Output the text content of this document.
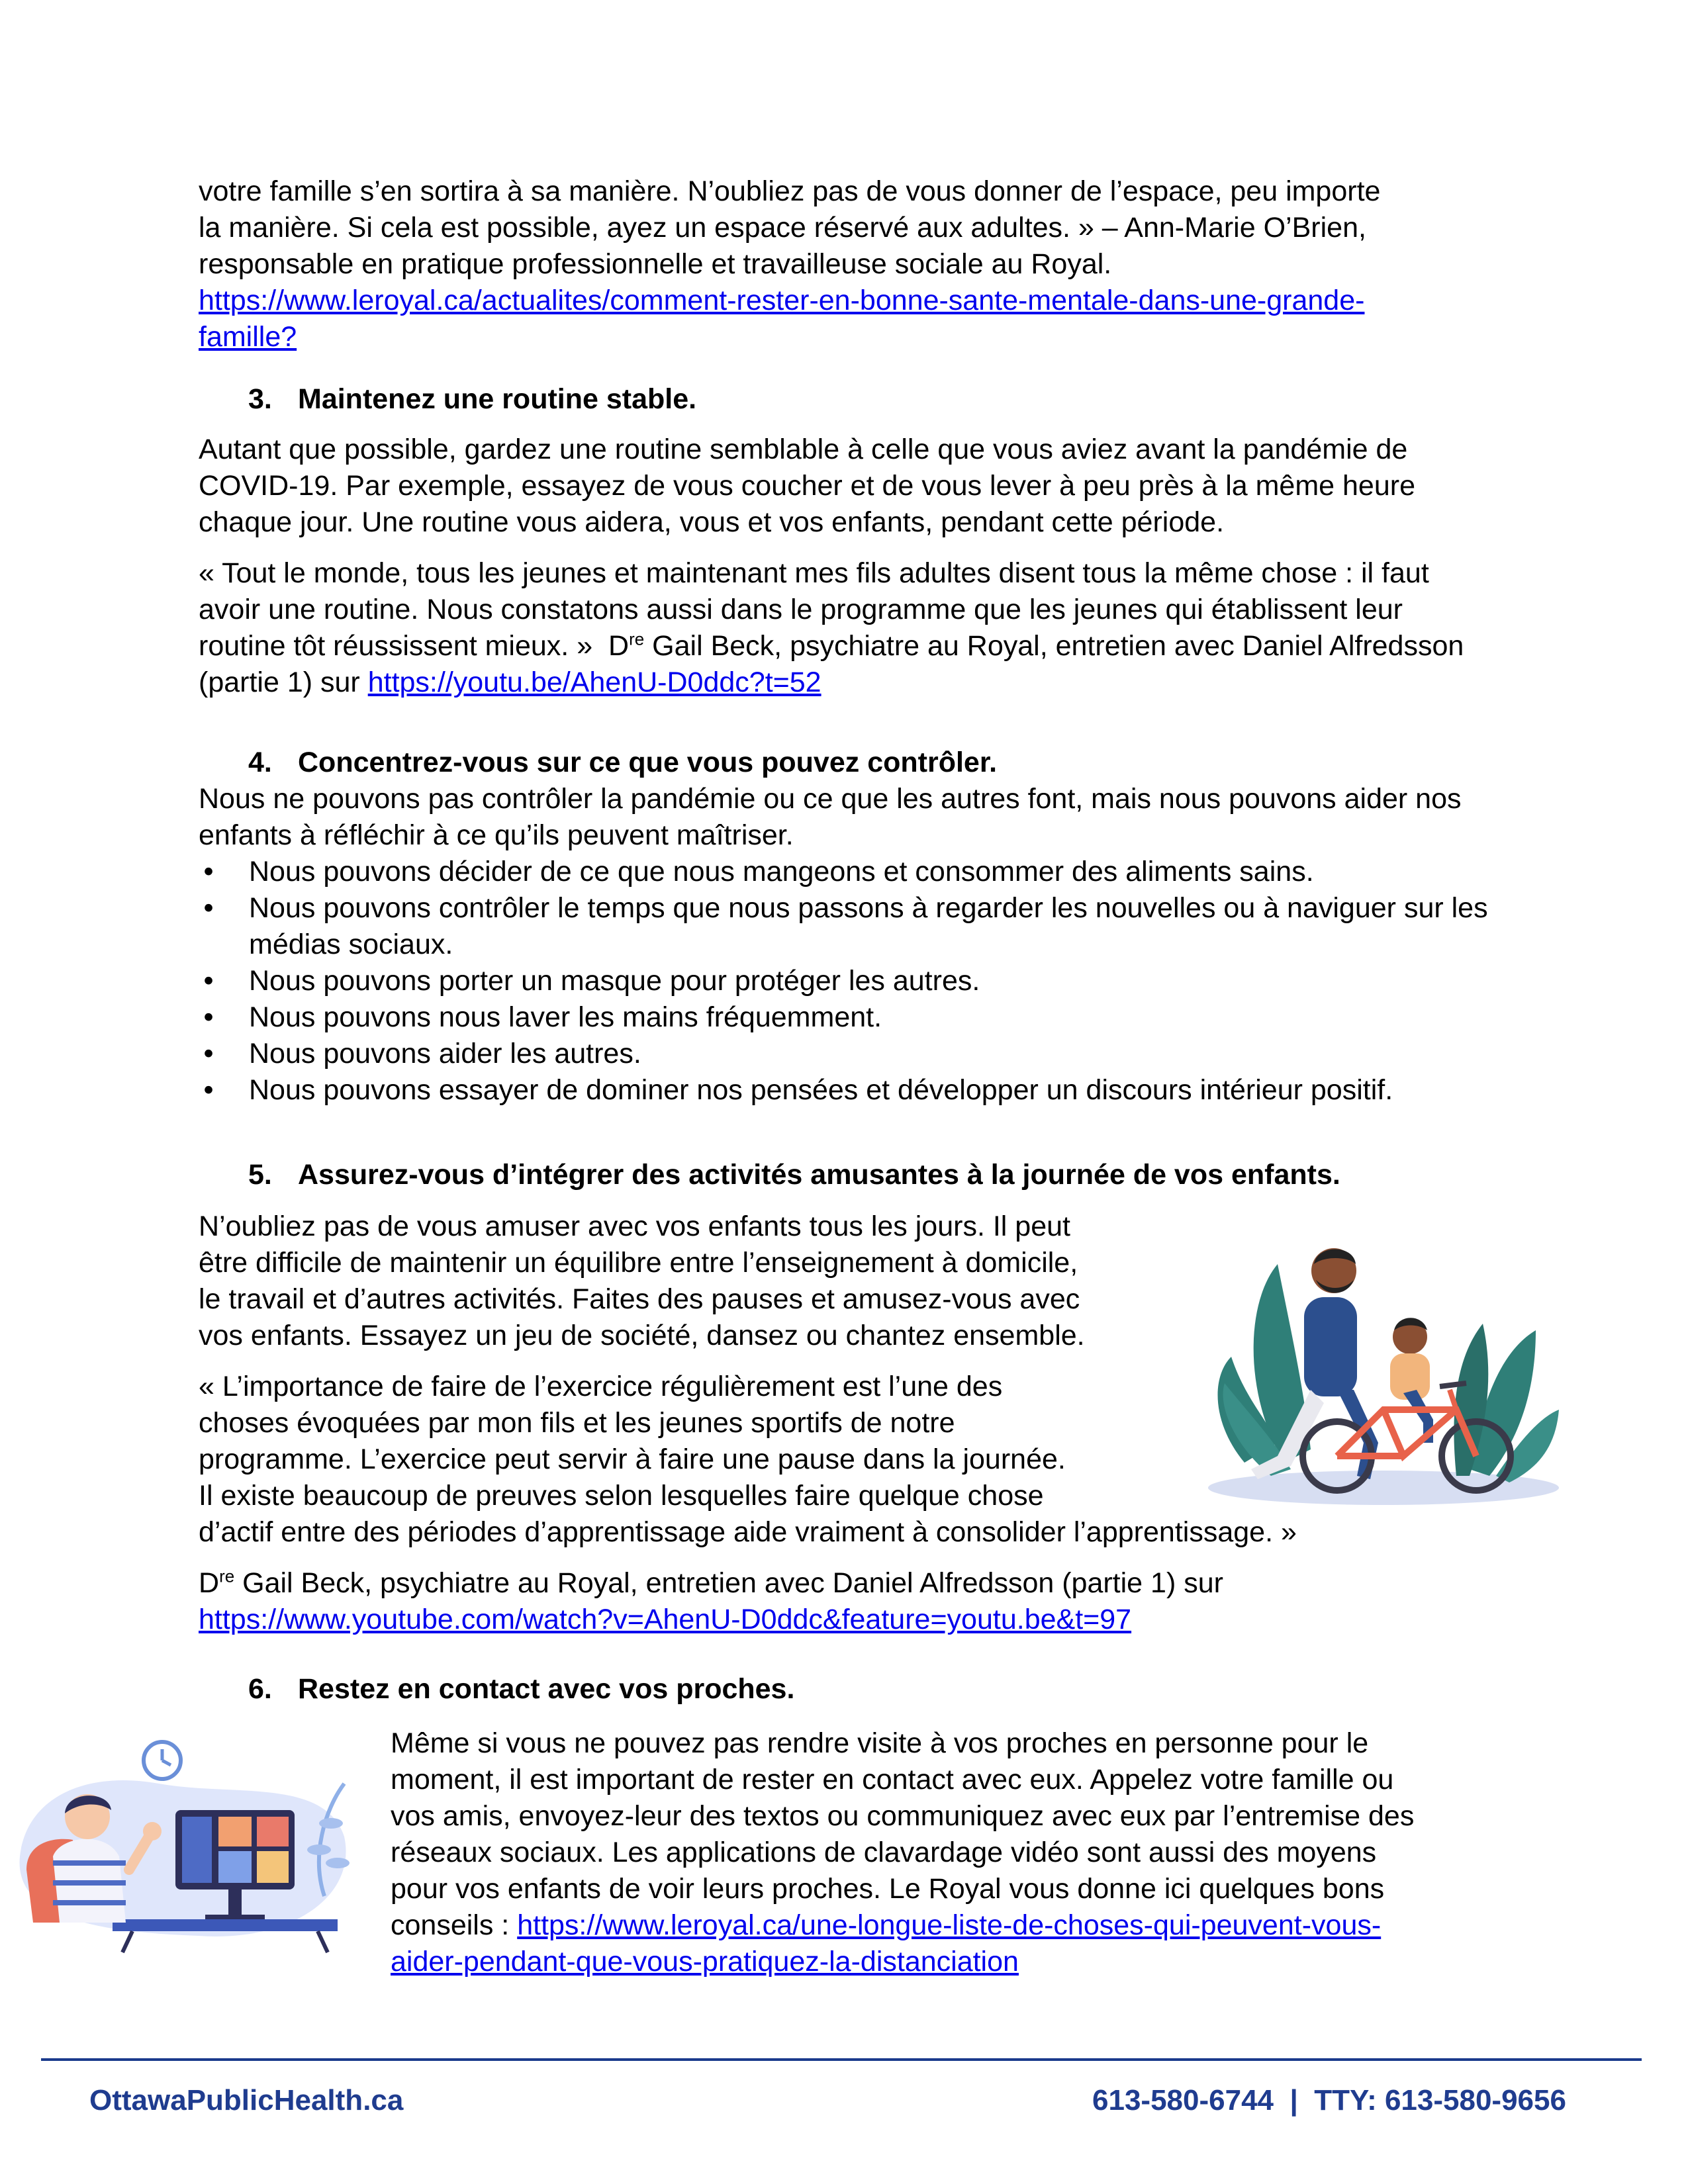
votre famille s’en sortira à sa manière. N’oubliez pas de vous donner de l’espace, peu importe

la manière. Si cela est possible, ayez un espace réservé aux adultes. » – Ann-Marie O’Brien,

responsable en pratique professionnelle et travailleuse sociale au Royal.

https://www.leroyal.ca/actualites/comment-rester-en-bonne-sante-mentale-dans-une-grande-

famille?

3. Maintenez une routine stable.

Autant que possible, gardez une routine semblable à celle que vous aviez avant la pandémie de COVID-19. Par exemple, essayez de vous coucher et de vous lever à peu près à la même heure chaque jour. Une routine vous aidera, vous et vos enfants, pendant cette période.

« Tout le monde, tous les jeunes et maintenant mes fils adultes disent tous la même chose : il faut avoir une routine. Nous constatons aussi dans le programme que les jeunes qui établissent leur routine tôt réussissent mieux. » Dre Gail Beck, psychiatre au Royal, entretien avec Daniel Alfredsson (partie 1) sur https://youtu.be/AhenU-D0ddc?t=52

4. Concentrez-vous sur ce que vous pouvez contrôler.

Nous ne pouvons pas contrôler la pandémie ou ce que les autres font, mais nous pouvons aider nos enfants à réfléchir à ce qu’ils peuvent maîtriser.

• Nous pouvons décider de ce que nous mangeons et consommer des aliments sains.
• Nous pouvons contrôler le temps que nous passons à regarder les nouvelles ou à naviguer sur les médias sociaux.
• Nous pouvons porter un masque pour protéger les autres.
• Nous pouvons nous laver les mains fréquemment.
• Nous pouvons aider les autres.
• Nous pouvons essayer de dominer nos pensées et développer un discours intérieur positif.
5. Assurez-vous d’intégrer des activités amusantes à la journée de vos enfants.

N’oubliez pas de vous amuser avec vos enfants tous les jours. Il peut

être difficile de maintenir un équilibre entre l’enseignement à domicile,

le travail et d’autres activités. Faites des pauses et amusez-vous avec

vos enfants. Essayez un jeu de société, dansez ou chantez ensemble.

« L’importance de faire de l’exercice régulièrement est l’une des

choses évoquées par mon fils et les jeunes sportifs de notre

programme. L’exercice peut servir à faire une pause dans la journée.

Il existe beaucoup de preuves selon lesquelles faire quelque chose

d’actif entre des périodes d’apprentissage aide vraiment à consolider l’apprentissage. »

Dre Gail Beck, psychiatre au Royal, entretien avec Daniel Alfredsson (partie 1) sur

https://www.youtube.com/watch?v=AhenU-D0ddc&feature=youtu.be&t=97

6. Restez en contact avec vos proches.

Même si vous ne pouvez pas rendre visite à vos proches en personne pour le

moment, il est important de rester en contact avec eux. Appelez votre famille ou

vos amis, envoyez-leur des textos ou communiquez avec eux par l’entremise des

réseaux sociaux. Les applications de clavardage vidéo sont aussi des moyens

pour vos enfants de voir leurs proches. Le Royal vous donne ici quelques bons

conseils : https://www.leroyal.ca/une-longue-liste-de-choses-qui-peuvent-vous-

aider-pendant-que-vous-pratiquez-la-distanciation

OttawaPublicHealth.ca	613-580-6744 | TTY: 613-580-9656
